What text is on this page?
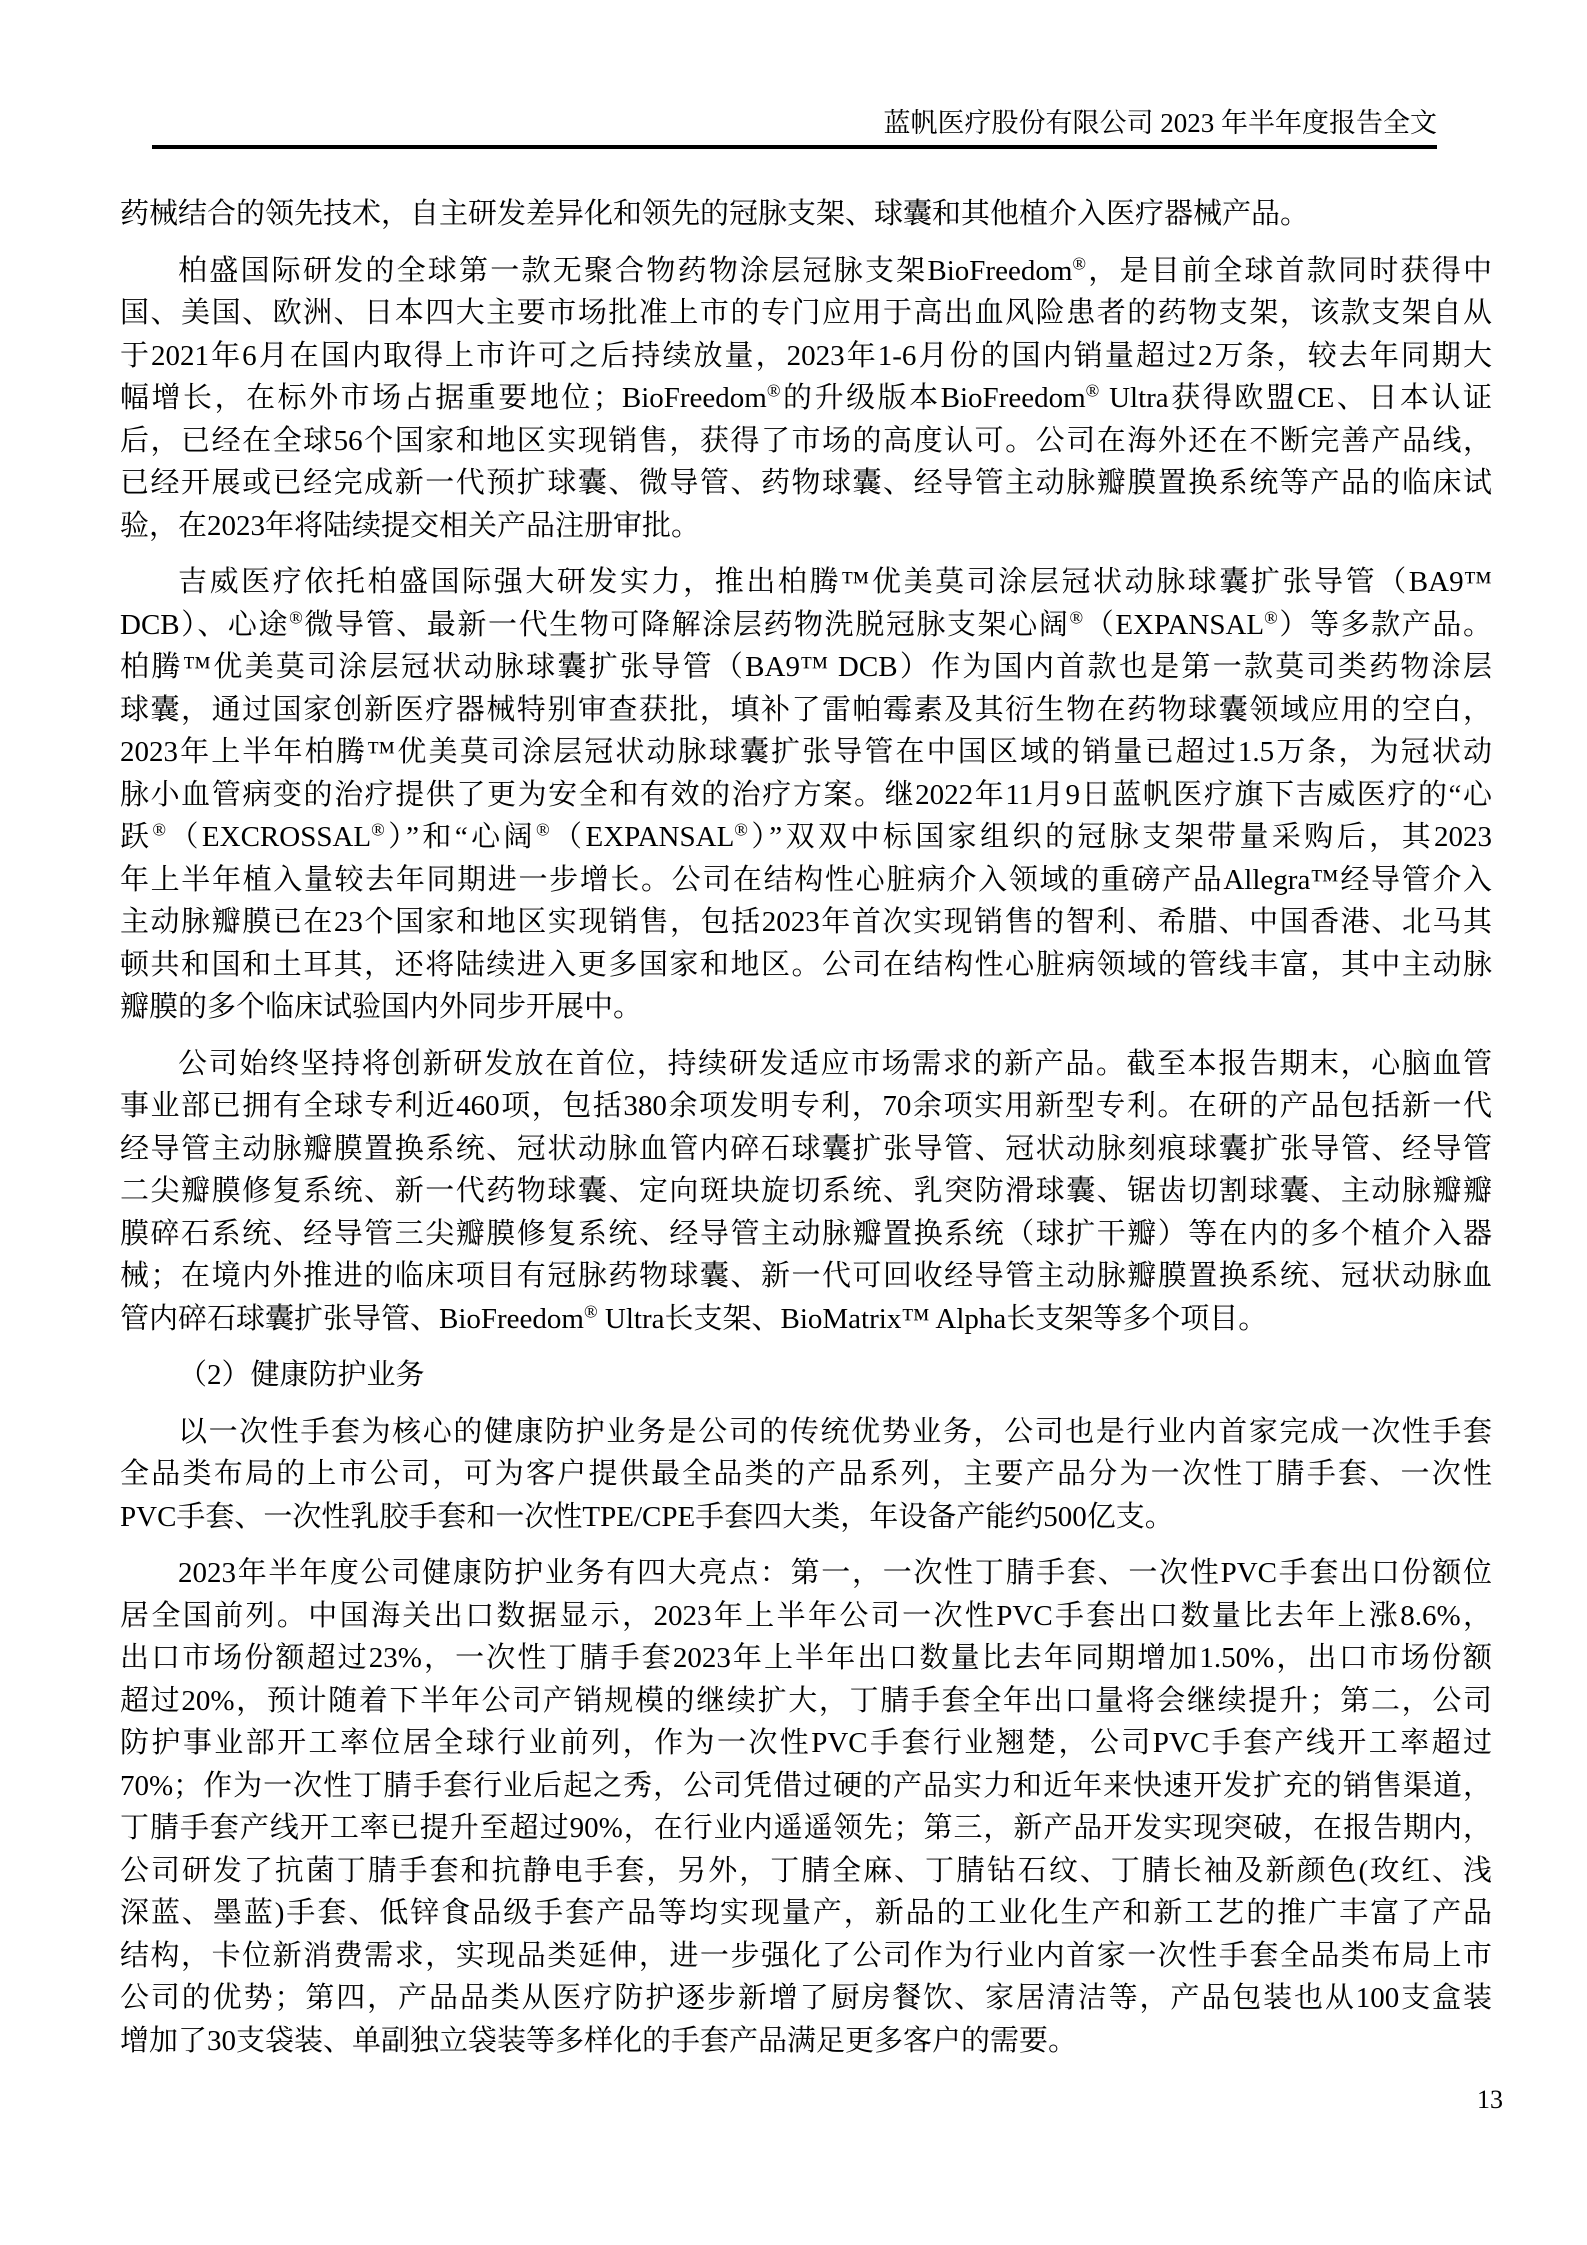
蓝帆医疗股份有限公司 2023 年半年度报告全文
药械结合的领先技术，自主研发差异化和领先的冠脉支架、球囊和其他植介入医疗器械产品。
柏盛国际研发的全球第一款无聚合物药物涂层冠脉支架BioFreedom®，是目前全球首款同时获得中
国、美国、欧洲、日本四大主要市场批准上市的专门应用于高出血风险患者的药物支架，该款支架自从
于2021年6月在国内取得上市许可之后持续放量，2023年1-6月份的国内销量超过2万条，较去年同期大
幅增长，在标外市场占据重要地位；BioFreedom®的升级版本BioFreedom® Ultra获得欧盟CE、日本认证
后，已经在全球56个国家和地区实现销售，获得了市场的高度认可。公司在海外还在不断完善产品线，
已经开展或已经完成新一代预扩球囊、微导管、药物球囊、经导管主动脉瓣膜置换系统等产品的临床试
验，在2023年将陆续提交相关产品注册审批。
吉威医疗依托柏盛国际强大研发实力，推出柏腾™优美莫司涂层冠状动脉球囊扩张导管（BA9™
DCB）、心途®微导管、最新一代生物可降解涂层药物洗脱冠脉支架心阔®（EXPANSAL®）等多款产品。
柏腾™优美莫司涂层冠状动脉球囊扩张导管（BA9™ DCB）作为国内首款也是第一款莫司类药物涂层
球囊，通过国家创新医疗器械特别审查获批，填补了雷帕霉素及其衍生物在药物球囊领域应用的空白，
2023年上半年柏腾™优美莫司涂层冠状动脉球囊扩张导管在中国区域的销量已超过1.5万条，为冠状动
脉小血管病变的治疗提供了更为安全和有效的治疗方案。继2022年11月9日蓝帆医疗旗下吉威医疗的“心
跃®（EXCROSSAL®）”和“心阔®（EXPANSAL®）”双双中标国家组织的冠脉支架带量采购后，其2023
年上半年植入量较去年同期进一步增长。公司在结构性心脏病介入领域的重磅产品Allegra™经导管介入
主动脉瓣膜已在23个国家和地区实现销售，包括2023年首次实现销售的智利、希腊、中国香港、北马其
顿共和国和土耳其，还将陆续进入更多国家和地区。公司在结构性心脏病领域的管线丰富，其中主动脉
瓣膜的多个临床试验国内外同步开展中。
公司始终坚持将创新研发放在首位，持续研发适应市场需求的新产品。截至本报告期末，心脑血管
事业部已拥有全球专利近460项，包括380余项发明专利，70余项实用新型专利。在研的产品包括新一代
经导管主动脉瓣膜置换系统、冠状动脉血管内碎石球囊扩张导管、冠状动脉刻痕球囊扩张导管、经导管
二尖瓣膜修复系统、新一代药物球囊、定向斑块旋切系统、乳突防滑球囊、锯齿切割球囊、主动脉瓣瓣
膜碎石系统、经导管三尖瓣膜修复系统、经导管主动脉瓣置换系统（球扩干瓣）等在内的多个植介入器
械；在境内外推进的临床项目有冠脉药物球囊、新一代可回收经导管主动脉瓣膜置换系统、冠状动脉血
管内碎石球囊扩张导管、BioFreedom® Ultra长支架、BioMatrix™ Alpha长支架等多个项目。
（2）健康防护业务
以一次性手套为核心的健康防护业务是公司的传统优势业务，公司也是行业内首家完成一次性手套
全品类布局的上市公司，可为客户提供最全品类的产品系列，主要产品分为一次性丁腈手套、一次性
PVC手套、一次性乳胶手套和一次性TPE/CPE手套四大类，年设备产能约500亿支。
2023年半年度公司健康防护业务有四大亮点：第一，一次性丁腈手套、一次性PVC手套出口份额位
居全国前列。中国海关出口数据显示，2023年上半年公司一次性PVC手套出口数量比去年上涨8.6%，
出口市场份额超过23%，一次性丁腈手套2023年上半年出口数量比去年同期增加1.50%，出口市场份额
超过20%，预计随着下半年公司产销规模的继续扩大，丁腈手套全年出口量将会继续提升；第二，公司
防护事业部开工率位居全球行业前列，作为一次性PVC手套行业翘楚，公司PVC手套产线开工率超过
70%；作为一次性丁腈手套行业后起之秀，公司凭借过硬的产品实力和近年来快速开发扩充的销售渠道，
丁腈手套产线开工率已提升至超过90%，在行业内遥遥领先；第三，新产品开发实现突破，在报告期内，
公司研发了抗菌丁腈手套和抗静电手套，另外，丁腈全麻、丁腈钻石纹、丁腈长袖及新颜色(玫红、浅
深蓝、墨蓝)手套、低锌食品级手套产品等均实现量产，新品的工业化生产和新工艺的推广丰富了产品
结构，卡位新消费需求，实现品类延伸，进一步强化了公司作为行业内首家一次性手套全品类布局上市
公司的优势；第四，产品品类从医疗防护逐步新增了厨房餐饮、家居清洁等，产品包装也从100支盒装
增加了30支袋装、单副独立袋装等多样化的手套产品满足更多客户的需要。
13
